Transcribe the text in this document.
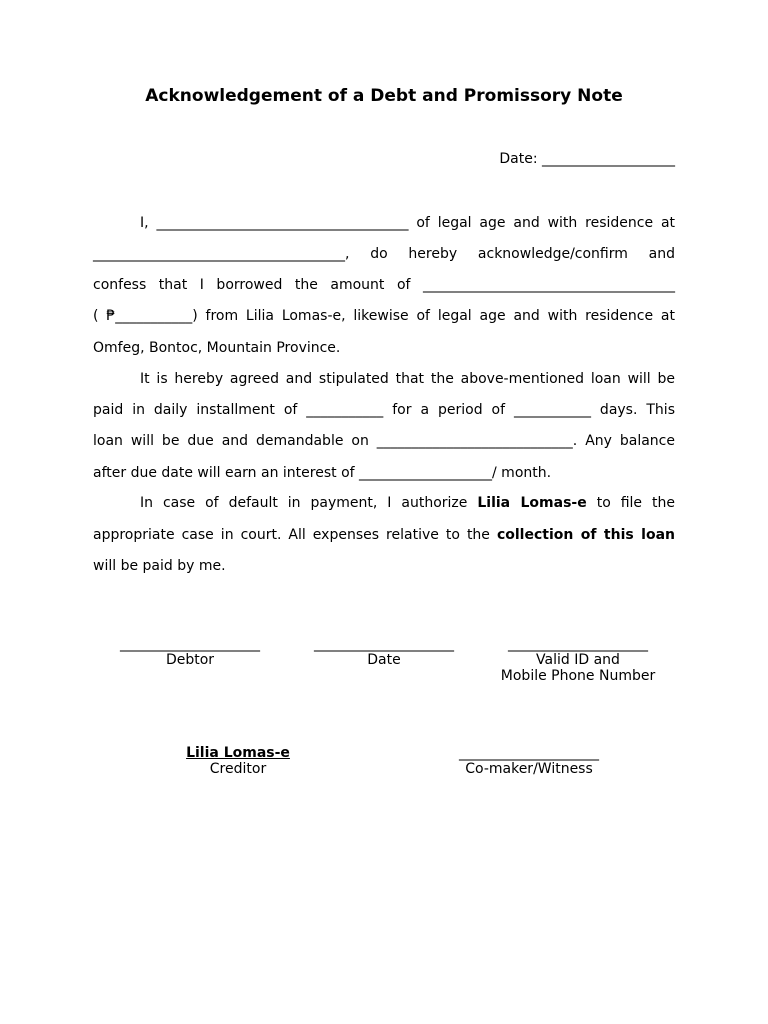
Acknowledgement of a Debt and Promissory Note
Date: ___________________
I, ____________________________________ of legal age and with residence at
____________________________________, do hereby acknowledge/confirm and
confess that I borrowed the amount of ____________________________________
( ₱___________) from Lilia Lomas-e, likewise of legal age and with residence at
Omfeg, Bontoc, Mountain Province.
It is hereby agreed and stipulated that the above-mentioned loan will be
paid in daily installment of ___________ for a period of ___________ days. This
loan will be due and demandable on ____________________________. Any balance
after due date will earn an interest of ___________________/ month.
In case of default in payment, I authorize Lilia Lomas-e to file the
appropriate case in court. All expenses relative to the collection of this loan
will be paid by me.
____________________
Debtor
____________________
Date
____________________
Valid ID and
Mobile Phone Number
Lilia Lomas-e
Creditor
____________________
Co-maker/Witness
